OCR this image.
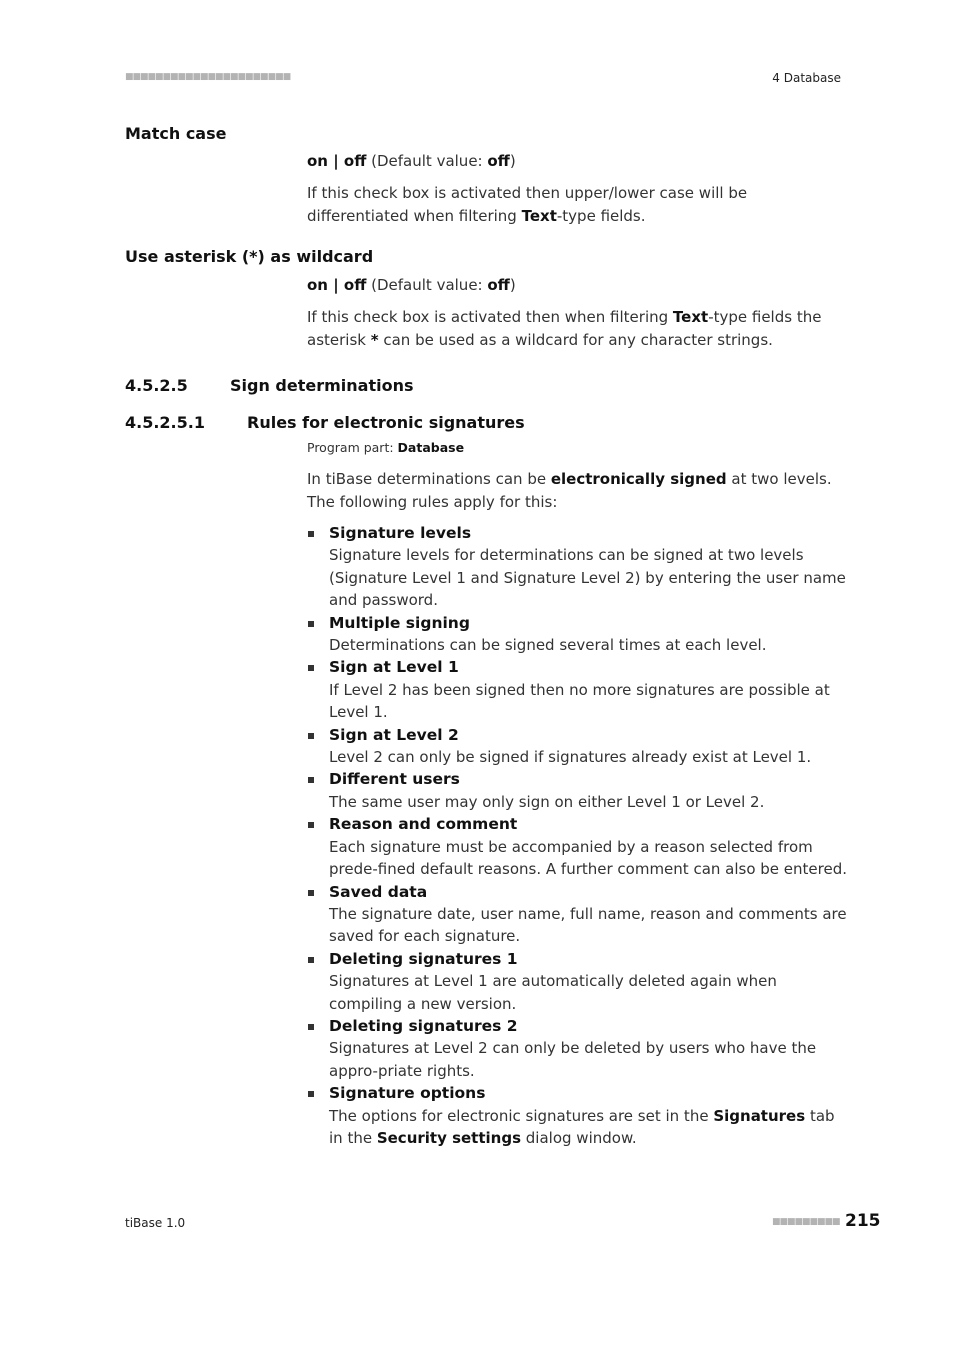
■■■■■■■■■■■■■■■■■■■■■■	4 Database
Match case
on | off (Default value: off)
If this check box is activated then upper/lower case will be differentiated when filtering Text-type fields.
Use asterisk (*) as wildcard
on | off (Default value: off)
If this check box is activated then when filtering Text-type fields the asterisk * can be used as a wildcard for any character strings.
4.5.2.5	Sign determinations
4.5.2.5.1	Rules for electronic signatures
Program part: Database
In tiBase determinations can be electronically signed at two levels. The following rules apply for this:
Signature levels
Signature levels for determinations can be signed at two levels (Signature Level 1 and Signature Level 2) by entering the user name and password.
Multiple signing
Determinations can be signed several times at each level.
Sign at Level 1
If Level 2 has been signed then no more signatures are possible at Level 1.
Sign at Level 2
Level 2 can only be signed if signatures already exist at Level 1.
Different users
The same user may only sign on either Level 1 or Level 2.
Reason and comment
Each signature must be accompanied by a reason selected from prede-fined default reasons. A further comment can also be entered.
Saved data
The signature date, user name, full name, reason and comments are saved for each signature.
Deleting signatures 1
Signatures at Level 1 are automatically deleted again when compiling a new version.
Deleting signatures 2
Signatures at Level 2 can only be deleted by users who have the appro-priate rights.
Signature options
The options for electronic signatures are set in the Signatures tab in the Security settings dialog window.
tiBase 1.0	■■■■■■■■■ 215
